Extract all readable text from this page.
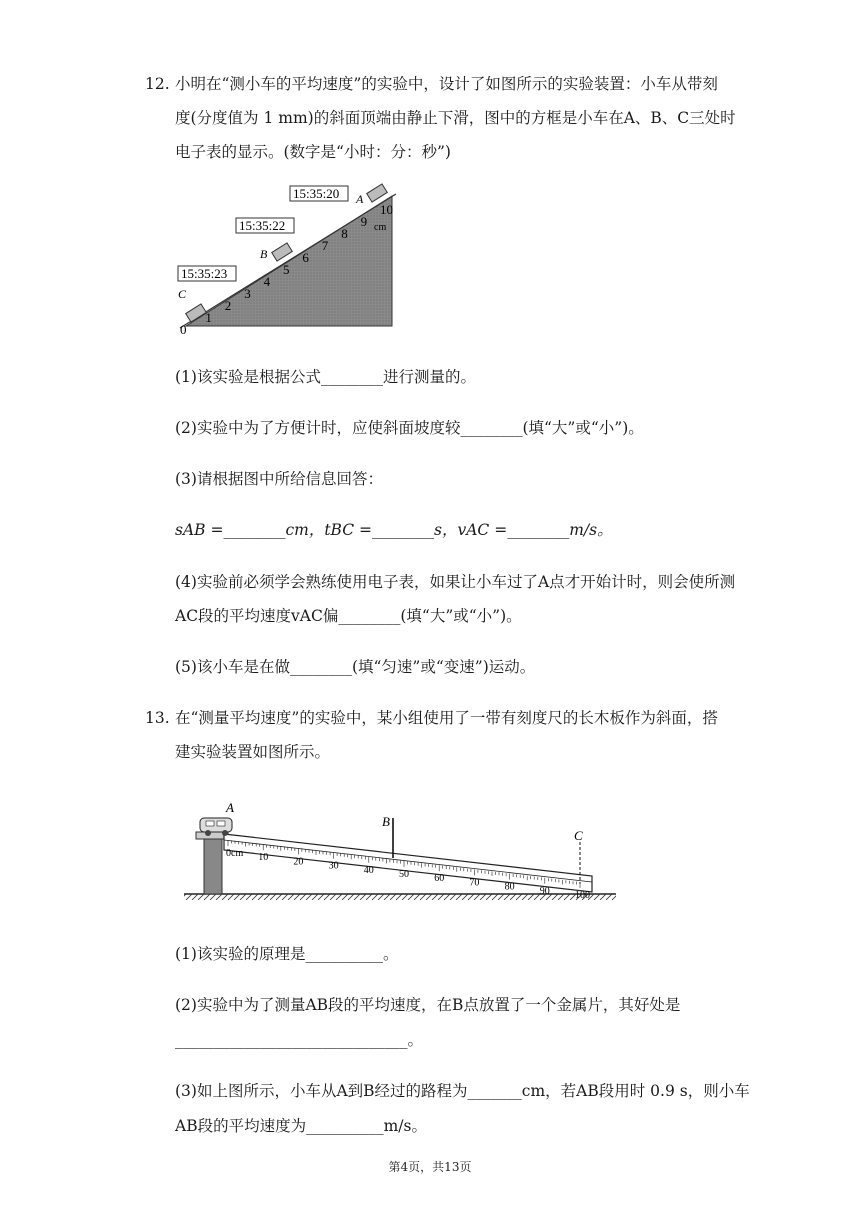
12. 小明在“测小车的平均速度”的实验中，设计了如图所示的实验装置：小车从带刻
度(分度值为 1 mm)的斜面顶端由静止下滑，图中的方框是小车在A、B、C三处时
电子表的显示。(数字是“小时：分：秒”)
15:35:20
15:35:22
15:35:23
A
B
C
cm
0
1
2
3
4
5
6
7
8
9
10
(1)该实验是根据公式________进行测量的。
(2)实验中为了方便计时，应使斜面坡度较________(填“大”或“小”)。
(3)请根据图中所给信息回答：
sAB =________cm，tBC =________s，vAC =________m/s。
(4)实验前必须学会熟练使用电子表，如果让小车过了A点才开始计时，则会使所测
AC段的平均速度vAC偏________(填“大”或“小”)。
(5)该小车是在做________(填“匀速”或“变速”)运动。
13. 在“测量平均速度”的实验中，某小组使用了一带有刻度尺的长木板作为斜面，搭
建实验装置如图所示。
0cm 10	20	30	40	50	60	70	80	90	100
A
B
C
(1)该实验的原理是__________。
(2)实验中为了测量AB段的平均速度，在B点放置了一个金属片，其好处是
______________________________。
(3)如上图所示，小车从A到B经过的路程为_______cm，若AB段用时 0.9 s，则小车
AB段的平均速度为__________m/s。
第4页，共13页
